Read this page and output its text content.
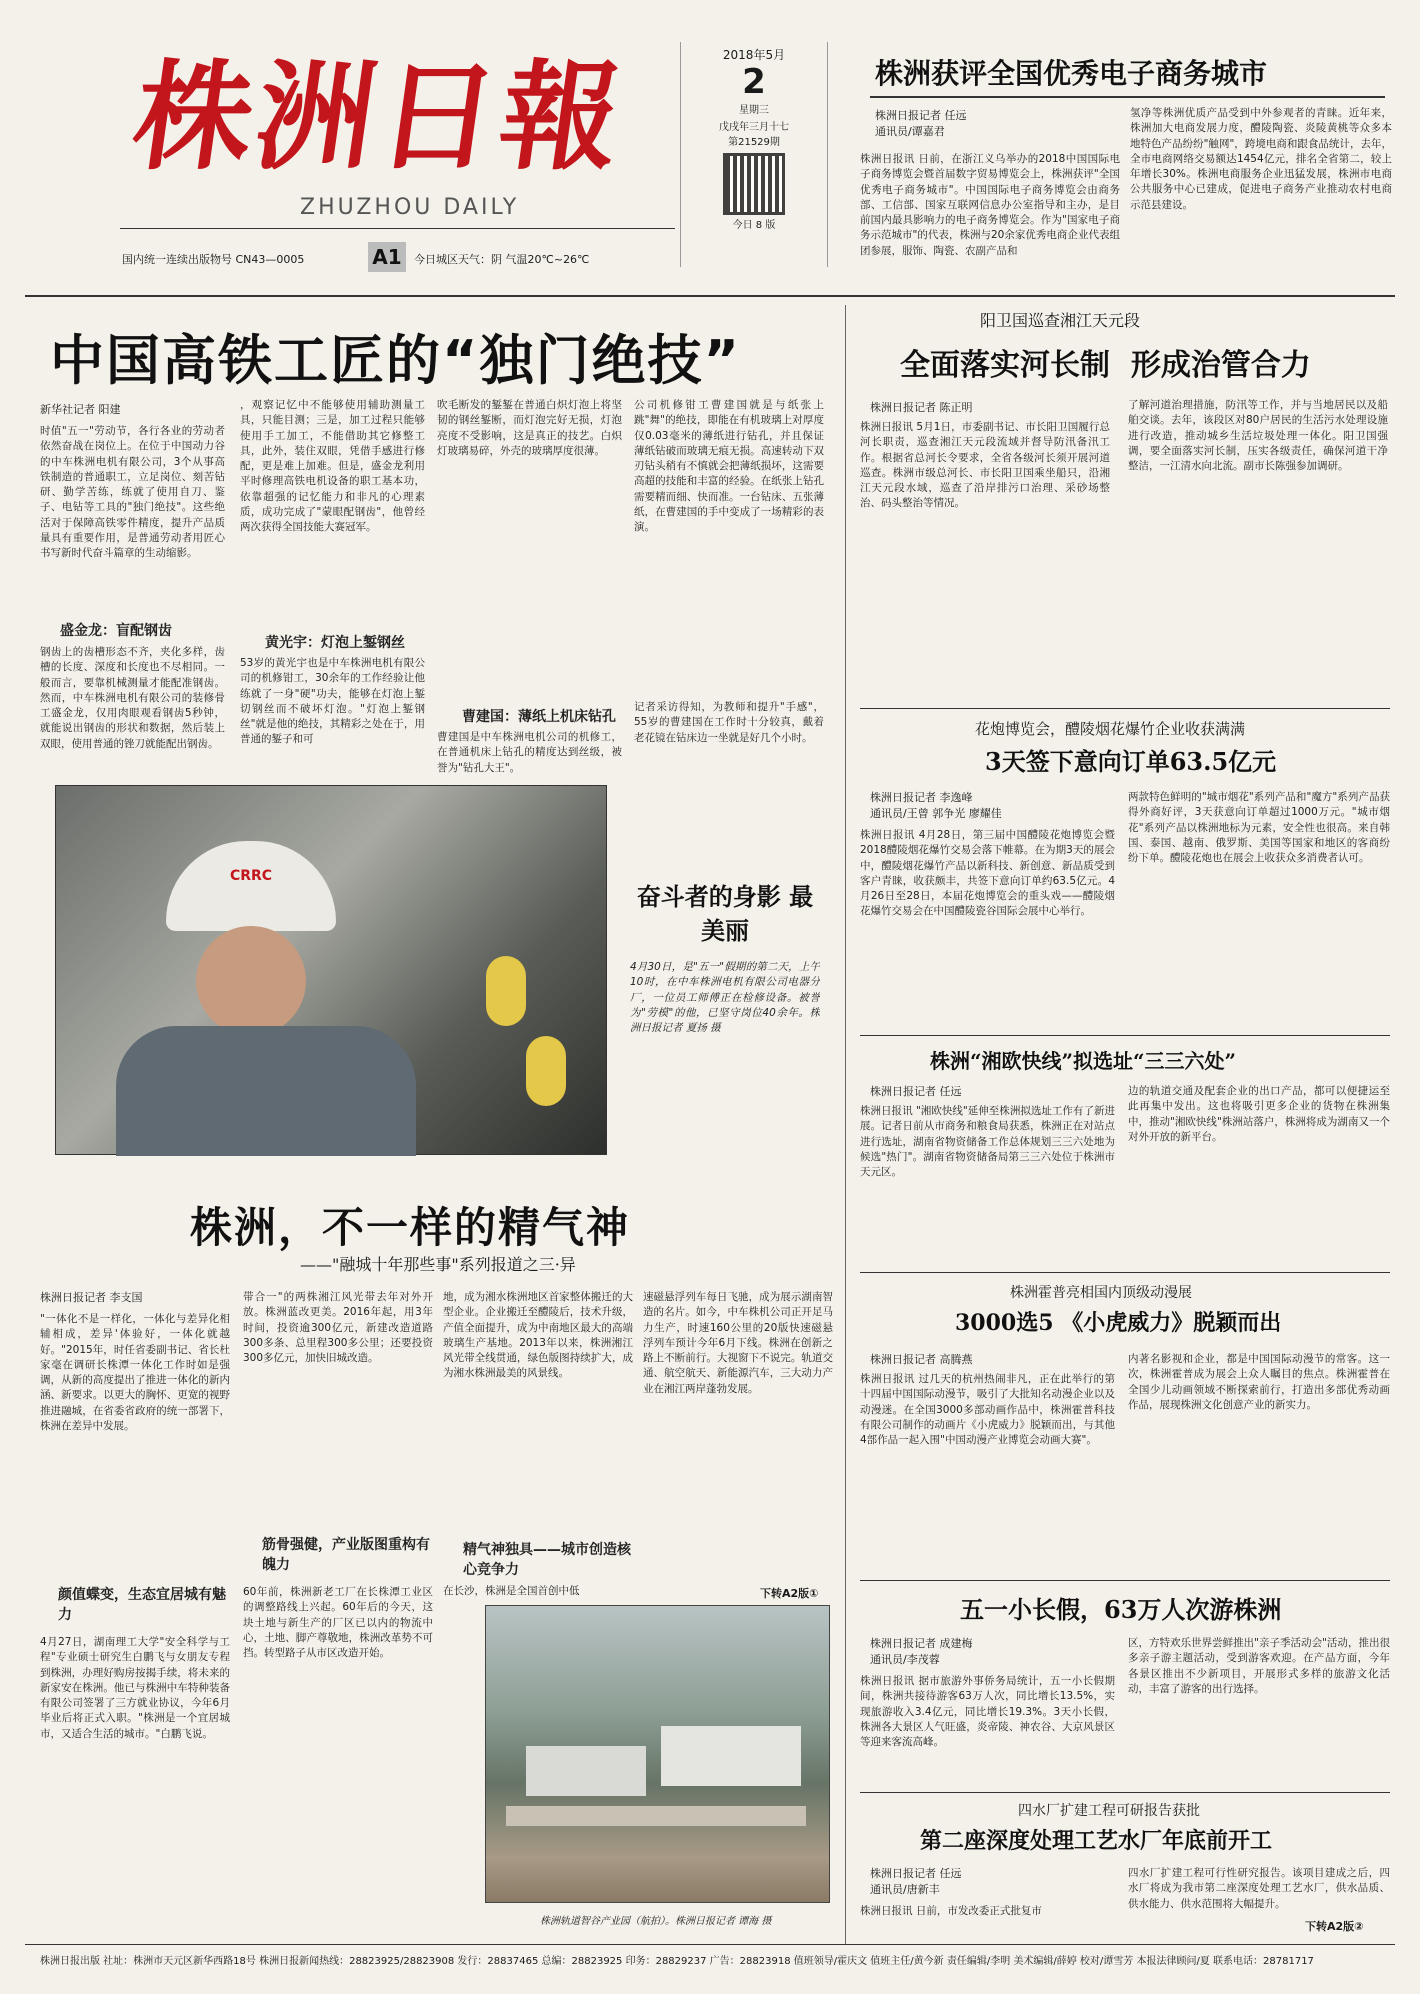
株洲日報
ZHUZHOU DAILY
国内统一连续出版物号 CN43—0005	A1	今日城区天气：阴 气温20℃~26℃
2018年5月
2
星期三
戊戌年三月十七
第21529期
今日 8 版
株洲获评全国优秀电子商务城市
株洲日报记者 任远
通讯员/谭嘉君
株洲日报讯 日前，在浙江义乌举办的2018中国国际电子商务博览会暨首届数字贸易博览会上，株洲获评"全国优秀电子商务城市"。中国国际电子商务博览会由商务部、工信部、国家互联网信息办公室指导和主办，是目前国内最具影响力的电子商务博览会。作为"国家电子商务示范城市"的代表，株洲与20余家优秀电商企业代表组团参展，服饰、陶瓷、农副产品和
氢净等株洲优质产品受到中外参观者的青睐。近年来，株洲加大电商发展力度，醴陵陶瓷、炎陵黄桃等众多本地特色产品纷纷"触网"，跨境电商和跟食品统计，去年，全市电商网络交易额达1454亿元，排名全省第二，较上年增长30%。株洲电商服务企业迅猛发展，株洲市电商公共服务中心已建成，促进电子商务产业推动农村电商示范县建设。
中国高铁工匠的“独门绝技”
新华社记者 阳建
时值"五一"劳动节，各行各业的劳动者依然奋战在岗位上。在位于中国动力谷的中车株洲电机有限公司，3个从事高铁制造的普通职工，立足岗位、刻苦钻研、勤学苦练，练就了使用自刀、鉴子、电钻等工具的"独门绝技"。这些绝活对于保障高铁零件精度，提升产品质量具有重要作用，是普通劳动者用匠心书写新时代奋斗篇章的生动缩影。
盛金龙：盲配钢齿
钢齿上的齿槽形态不齐，夹化多样，齿槽的长度、深度和长度也不尽相同。一般而言，要靠机械测量才能配准钢齿。然而，中车株洲电机有限公司的装修骨工盛金龙，仅用肉眼观看钢齿5秒钟，就能说出钢齿的形状和数据，然后装上双眼，使用普通的锉刀就能配出钢齿。
，观察记忆中不能够使用辅助测量工具，只能目测；三是，加工过程只能够使用手工加工，不能借助其它修整工具，此外，装住双眼，凭借手感进行修配，更是难上加难。但是，盛金龙利用平时修理高铁电机设备的职工基本功，依靠超强的记忆能力和非凡的心理素质，成功完成了"蒙眼配钢齿"，他曾经两次获得全国技能大赛冠军。
黄光宇：灯泡上錾钢丝
53岁的黄光宇也是中车株洲电机有限公司的机修钳工，30余年的工作经验让他练就了一身"硬"功夫，能够在灯泡上錾切钢丝而不破坏灯泡。"灯泡上錾钢丝"就是他的绝技，其精彩之处在于，用普通的錾子和可
吹毛断发的錾錾在普通白炽灯泡上将坚韧的钢丝錾断，而灯泡完好无损，灯泡亮度不受影响，这是真正的技艺。白炽灯玻璃易碎，外壳的玻璃厚度很薄。
曹建国：薄纸上机床钻孔
曹建国是中车株洲电机公司的机修工，在普通机床上钻孔的精度达到丝级，被誉为"钻孔大王"。
公司机修钳工曹建国就是与纸张上跳"舞"的绝技，即能在有机玻璃上对厚度仅0.03毫米的薄纸进行钻孔，并且保证薄纸钻破而玻璃无痕无损。高速转动下双刃钻头稍有不慎就会把薄纸损坏，这需要高超的技能和丰富的经验。在纸张上钻孔需要精而细、快而准。一台钻床、五张薄纸，在曹建国的手中变成了一场精彩的表演。
记者采访得知，为教师和提升"手感"，55岁的曹建国在工作时十分较真，戴着老花镜在钻床边一坐就是好几个小时。
CRRC
奋斗者的身影 最美丽
4月30日，是"五一"假期的第二天，上午10时，在中车株洲电机有限公司电器分厂，一位员工师傅正在检修设备。被誉为"劳模"的他，已坚守岗位40余年。株洲日报记者 夏扬 摄
株洲，不一样的精气神
——"融城十年那些事"系列报道之三·异
株洲日报记者 李支国
"一体化不是一样化，一体化与差异化相辅相成，差异'体验好，一体化就越好。"2015年，时任省委副书记、省长杜家毫在调研长株潭一体化工作时如是强调，从新的高度提出了推进一体化的新内涵、新要求。以更大的胸怀、更宽的视野推进融城，在省委省政府的统一部署下，株洲在差异中发展。
颜值蝶变，生态宜居城有魅力
4月27日，湖南理工大学"安全科学与工程"专业硕士研究生白鹏飞与女朋友专程到株洲，办理好购房按揭手续，将未来的新家安在株洲。他已与株洲中车特种装备有限公司签署了三方就业协议，今年6月毕业后将正式入职。"株洲是一个宜居城市，又适合生活的城市。"白鹏飞说。
带合一"的两株湘江风光带去年对外开放。株洲蓝改更美。2016年起，用3年时间，投资逾300亿元，新建改造道路300多条、总里程300多公里；还要投资300多亿元，加快旧城改造。
筋骨强健，产业版图重构有魄力
60年前，株洲新老工厂在长株潭工业区的调整路线上兴起。60年后的今天，这块土地与新生产的厂区已以内的物流中心，土地、脚产尊敬地，株洲改革势不可挡。转型路子从市区改造开始。
地，成为湘水株洲地区首家整体搬迁的大型企业。企业搬迁至醴陵后，技术升级，产值全面提升，成为中南地区最大的高端玻璃生产基地。2013年以来，株洲湘江风光带全线贯通，绿色版图持续扩大，成为湘水株洲最美的风景线。
精气神独具——城市创造核心竞争力
在长沙，株洲是全国首创中低
速磁悬浮列车每日飞驰，成为展示湖南智造的名片。如今，中车株机公司正开足马力生产，时速160公里的20版快速磁悬浮列车预计今年6月下线。株洲在创新之路上不断前行。大视窗下不说完。轨道交通、航空航天、新能源汽车，三大动力产业在湘江两岸蓬勃发展。
下转A2版①
株洲轨道智谷产业园（航拍）。株洲日报记者 谭海 摄
阳卫国巡查湘江天元段
全面落实河长制  形成治管合力
株洲日报记者 陈正明
株洲日报讯 5月1日，市委副书记、市长阳卫国履行总河长职责，巡查湘江天元段流域并督导防汛备汛工作。根据省总河长令要求，全省各级河长须开展河道巡查。株洲市级总河长、市长阳卫国乘坐船只，沿湘江天元段水域，巡查了沿岸排污口治理、采砂场整治、码头整治等情况。
了解河道治理措施，防汛等工作，并与当地居民以及船舶交谈。去年，该段区对80户居民的生活污水处理设施进行改造，推动城乡生活垃圾处理一体化。阳卫国强调，要全面落实河长制，压实各级责任，确保河道干净整洁，一江清水向北流。副市长陈强参加调研。
花炮博览会，醴陵烟花爆竹企业收获满满
3天签下意向订单63.5亿元
株洲日报记者 李逸峰
通讯员/王曾 郭争光 廖耀佳
株洲日报讯 4月28日，第三届中国醴陵花炮博览会暨2018醴陵烟花爆竹交易会落下帷幕。在为期3天的展会中，醴陵烟花爆竹产品以新科技、新创意、新品质受到客户青睐，收获颇丰，共签下意向订单约63.5亿元。4月26日至28日，本届花炮博览会的重头戏——醴陵烟花爆竹交易会在中国醴陵瓷谷国际会展中心举行。
两款特色鲜明的"城市烟花"系列产品和"魔方"系列产品获得外商好评，3天获意向订单超过1000万元。"城市烟花"系列产品以株洲地标为元素，安全性也很高。来自韩国、泰国、越南、俄罗斯、美国等国家和地区的客商纷纷下单。醴陵花炮也在展会上收获众多消费者认可。
株洲“湘欧快线”拟选址“三三六处”
株洲日报记者 任远
株洲日报讯 "湘欧快线"延伸至株洲拟选址工作有了新进展。记者日前从市商务和粮食局获悉，株洲正在对站点进行选址，湖南省物资储备工作总体规划三三六处地为候选"热门"。湖南省物资储备局第三三六处位于株洲市天元区。
边的轨道交通及配套企业的出口产品，都可以便捷运至此再集中发出。这也将吸引更多企业的货物在株洲集中，推动"湘欧快线"株洲站落户，株洲将成为湖南又一个对外开放的新平台。
株洲霍普亮相国内顶级动漫展
3000选5 《小虎威力》脱颖而出
株洲日报记者 高腾燕
株洲日报讯 过几天的杭州热闹非凡，正在此举行的第十四届中国国际动漫节，吸引了大批知名动漫企业以及动漫迷。在全国3000多部动画作品中，株洲霍普科技有限公司制作的动画片《小虎威力》脱颖而出，与其他4部作品一起入围"中国动漫产业博览会动画大赛"。
内著名影视和企业，都是中国国际动漫节的常客。这一次，株洲霍普成为展会上众人瞩目的焦点。株洲霍普在全国少儿动画领域不断探索前行，打造出多部优秀动画作品，展现株洲文化创意产业的新实力。
五一小长假，63万人次游株洲
株洲日报记者 成建梅
通讯员/李茂蓉
株洲日报讯 据市旅游外事侨务局统计，五一小长假期间，株洲共接待游客63万人次，同比增长13.5%，实现旅游收入3.4亿元，同比增长19.3%。3天小长假，株洲各大景区人气旺盛，炎帝陵、神农谷、大京风景区等迎来客流高峰。
区，方特欢乐世界尝鲜推出"亲子季活动会"活动，推出很多亲子游主题活动，受到游客欢迎。在产品方面，今年各景区推出不少新项目，开展形式多样的旅游文化活动，丰富了游客的出行选择。
四水厂扩建工程可研报告获批
第二座深度处理工艺水厂年底前开工
株洲日报记者 任远
通讯员/唐新丰
株洲日报讯 日前，市发改委正式批复市
四水厂扩建工程可行性研究报告。该项目建成之后，四水厂将成为我市第二座深度处理工艺水厂，供水品质、供水能力、供水范围将大幅提升。
下转A2版②
株洲日报出版 社址：株洲市天元区新华西路18号 株洲日报新闻热线：28823925/28823908 发行：28837465 总编：28823925 印务：28829237 广告：28823918 值班领导/霍庆文 值班主任/黄今新 责任编辑/李明 美术编辑/薛婷 校对/谭雪芳 本报法律顾问/夏 联系电话：28781717
